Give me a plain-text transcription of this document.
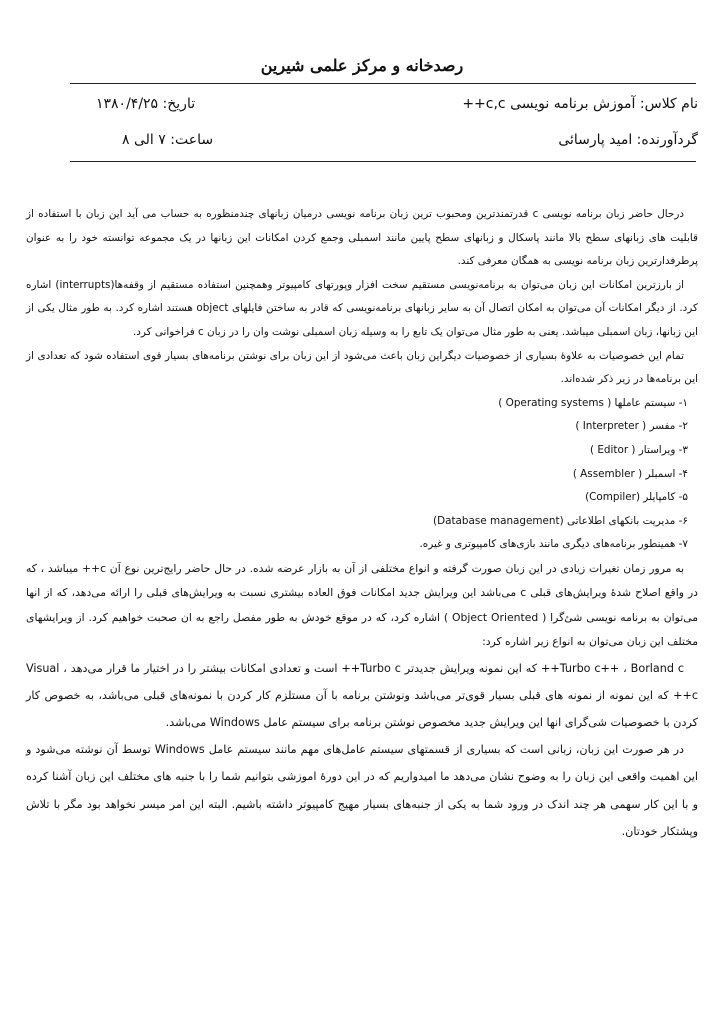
رصدخانه و مرکز علمی شیرین
نام کلاس: آموزش برنامه نویسی c,c++
تاریخ: ۱۳۸۰/۴/۲۵
گردآورنده: امید پارسائی
ساعت: ۷ الی ۸

درحال حاضر زبان برنامه نویسی c قدرتمندترین ومحبوب ترین زبان برنامه نویسی درمیان زبانهای چندمنظوره به حساب می آید این زبان با استفاده از قابلیت های زبانهای سطح بالا مانند پاسکال و زبانهای سطح پایین مانند اسمبلی وجمع کردن امکانات این زبانها در یک مجموعه توانسته خود را به عنوان پرطرفدارترین زبان برنامه نویسی به همگان معرفی کند.

از بارزترین امکانات این زبان می‌توان به برنامه‌نویسی مستقیم سخت افزار وپورتهای کامپیوتر وهمچنین استفاده مستقیم از وقفه‌ها(interrupts) اشاره کرد. از دیگر امکانات آن می‌توان به امکان اتصال آن به سایر زبانهای برنامه‌نویسی که قادر به ساختن فایلهای object هستند اشاره کرد. به طور مثال یکی از این زبانها، زبان اسمبلی میباشد. یعنی به طور مثال می‌توان یک تابع را به وسیله زبان اسمبلی نوشت وان را در زبان c فراخوانی کرد.

تمام این خصوصیات به علاوهٔ بسیاری از خصوصیات دیگراین زبان باعث می‌شود از این زبان برای نوشتن برنامه‌های بسیار قوی استفاده شود که تعدادی از این برنامه‌ها در زیر ذکر شده‌اند.

۱- سیستم عاملها ( Operating systems )
۲- مفسر ( Interpreter )
۳- ویراستار ( Editor )
۴- اسمبلر ( Assembler )
۵- کامپایلر (Compiler)
۶- مدیریت بانکهای اطلاعاتی (Database management)
۷- همینطور برنامه‌های دیگری مانند بازی‌های کامپیوتری و غیره.

به مرور زمان تغیرات زیادی در این زبان صورت گرفته و انواع مختلفی از آن به بازار عرضه شده. در حال حاضر رایج‌ترین نوع آن c++ میباشد ، که در واقع اصلاح شدهٔ ویرایش‌های قبلی c می‌باشد این ویرایش جدید امکانات فوق العاده بیشتری نسبت به ویرایش‌های قبلی را ارائه می‌دهد، که از انها می‌توان به برنامه نویسی شئ‌گرا ( Object Oriented ) اشاره کرد، که در موقع خودش به طور مفصل راجع به ان صحبت خواهیم کرد. از ویرایشهای مختلف این زبان می‌توان به انواع زیر اشاره کرد:

Turbo c++ ، Borland c++ که این نمونه ویرایش جدیدتر Turbo c++ است و تعدادی امکانات بیشتر را در اختیار ما قرار می‌دهد ، Visual c++ که این نمونه از نمونه های قبلی بسیار قوی‌تر می‌باشد ونوشتن برنامه با آن مستلزم کار کردن با نمونه‌های قبلی می‌باشد، به خصوص کار کردن با خصوصیات شی‌گرای انها این ویرایش جدید مخصوص نوشتن برنامه برای سیستم عامل Windows می‌باشد.

در هر صورت این زبان، زبانی است که بسیاری از قسمتهای سیستم عامل‌های مهم مانند سیستم عامل Windows توسط آن نوشته می‌شود و این اهمیت واقعی این زبان را به وضوح نشان می‌دهد ما امیدواریم که در این دورهٔ اموزشی بتوانیم شما را با جنبه های مختلف این زبان آشنا کرده و با این کار سهمی هر چند اندک در ورود شما به یکی از جنبه‌های بسیار مهیج کامپیوتر داشته باشیم. البته این امر میسر نخواهد بود مگر با تلاش وپشتکار خودتان.
